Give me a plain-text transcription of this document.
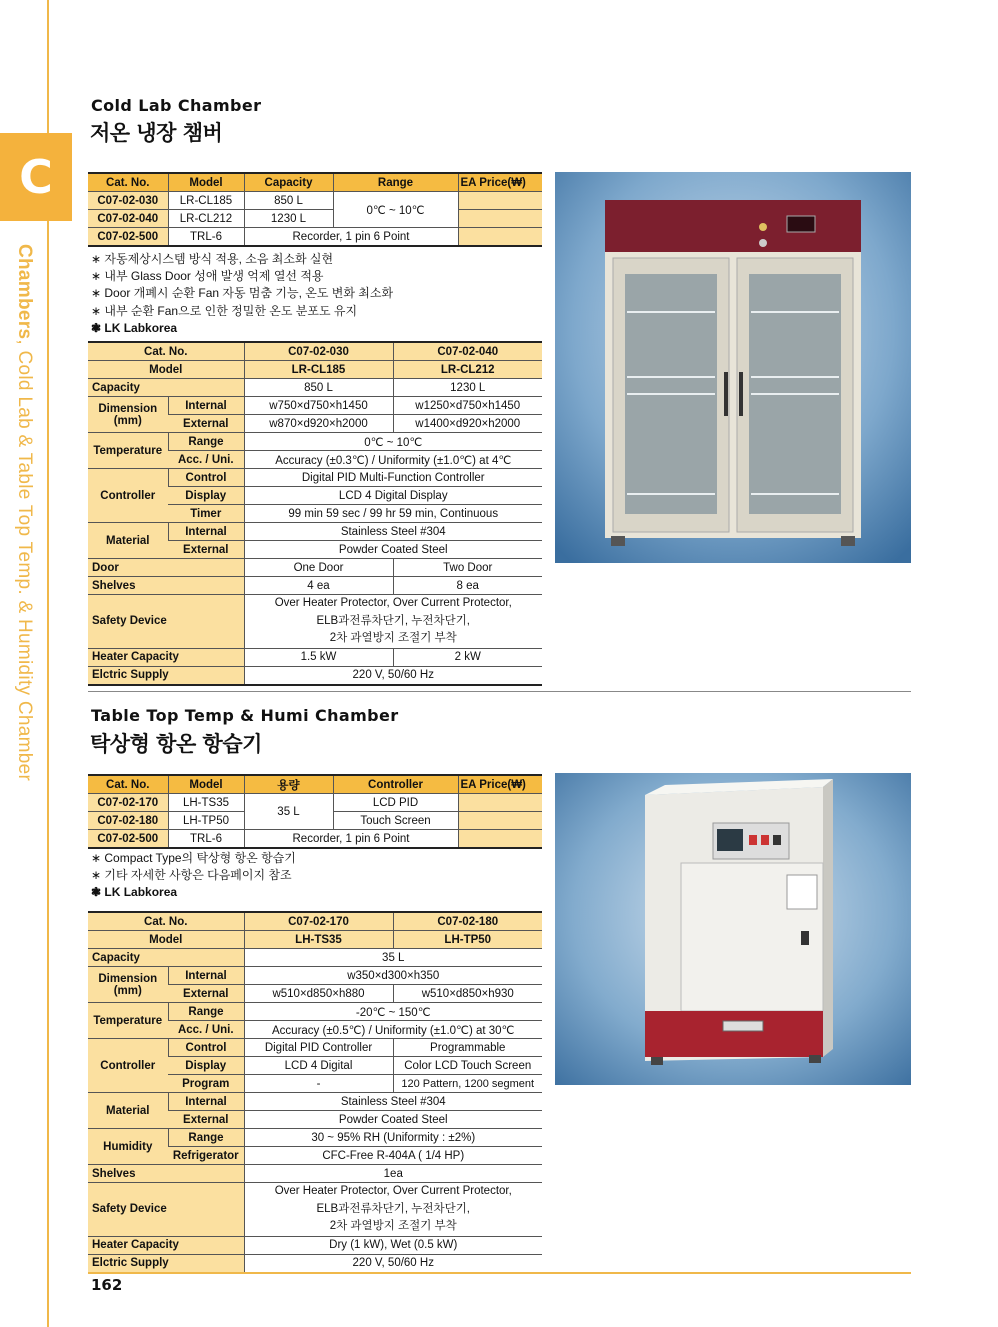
C
Chambers, Cold Lab & Table Top Temp. & Humidity Chamber
Cold Lab Chamber
저온 냉장 챔버
Cat. No.	Model	Capacity	Range	EA Price(₩)
C07-02-030	LR-CL185	850 L	0℃ ~ 10℃	
C07-02-040	LR-CL212	1230 L		
C07-02-500	TRL-6	Recorder, 1 pin 6 Point		
∗ 자동제상시스템 방식 적용, 소음 최소화 실현
∗ 내부 Glass Door 성애 발생 억제 열선 적용
∗ Door 개폐시 순환 Fan 자동 멈춤 기능, 온도 변화 최소화
∗ 내부 순환 Fan으로 인한 정밀한 온도 분포도 유지
❃ LK Labkorea
Cat. No.		C07-02-030	C07-02-040
Model		LR-CL185	LR-CL212
Capacity		850 L	1230 L
Dimension
(mm)	Internal	w750×d750×h1450	w1250×d750×h1450
	External	w870×d920×h2000	w1400×d920×h2000
Temperature	Range	0℃ ~ 10℃	
	Acc. / Uni.	Accuracy (±0.3℃) / Uniformity (±1.0℃) at 4℃	
Controller	Control	Digital PID Multi-Function Controller	
	Display	LCD 4 Digital Display	
	Timer	99 min 59 sec / 99 hr 59 min, Continuous	
Material	Internal	Stainless Steel #304	
	External	Powder Coated Steel	
Door		One Door	Two Door
Shelves		4 ea	8 ea
Safety Device		Over Heater Protector, Over Current Protector,
ELB과전류차단기, 누전차단기,
2차 과열방지 조절기 부착	
Heater Capacity		1.5 kW	2 kW
Elctric Supply		220 V, 50/60 Hz	
Table Top Temp & Humi Chamber
탁상형 항온 항습기
Cat. No.	Model	용량	Controller	EA Price(₩)
C07-02-170	LH-TS35	35 L	LCD PID	
C07-02-180	LH-TP50		Touch Screen	
C07-02-500	TRL-6	Recorder, 1 pin 6 Point		
∗ Compact Type의 탁상형 항온 항습기
∗ 기타 자세한 사항은 다음페이지 참조
❃ LK Labkorea
Cat. No.		C07-02-170	C07-02-180
Model		LH-TS35	LH-TP50
Capacity		35 L	
Dimension
(mm)	Internal	w350×d300×h350	
	External	w510×d850×h880	w510×d850×h930
Temperature	Range	-20℃ ~ 150℃	
	Acc. / Uni.	Accuracy (±0.5℃) / Uniformity (±1.0℃) at 30℃	
Controller	Control	Digital PID Controller	Programmable
	Display	LCD 4 Digital	Color LCD Touch Screen
	Program	-	120 Pattern, 1200 segment
Material	Internal	Stainless Steel #304	
	External	Powder Coated Steel	
Humidity	Range	30 ~ 95% RH (Uniformity : ±2%)	
	Refrigerator	CFC-Free R-404A ( 1/4 HP)	
Shelves		1ea	
Safety Device		Over Heater Protector, Over Current Protector,
ELB과전류차단기, 누전차단기,
2차 과열방지 조절기 부착	
Heater Capacity		Dry (1 kW), Wet (0.5 kW)	
Elctric Supply		220 V, 50/60 Hz	
162
